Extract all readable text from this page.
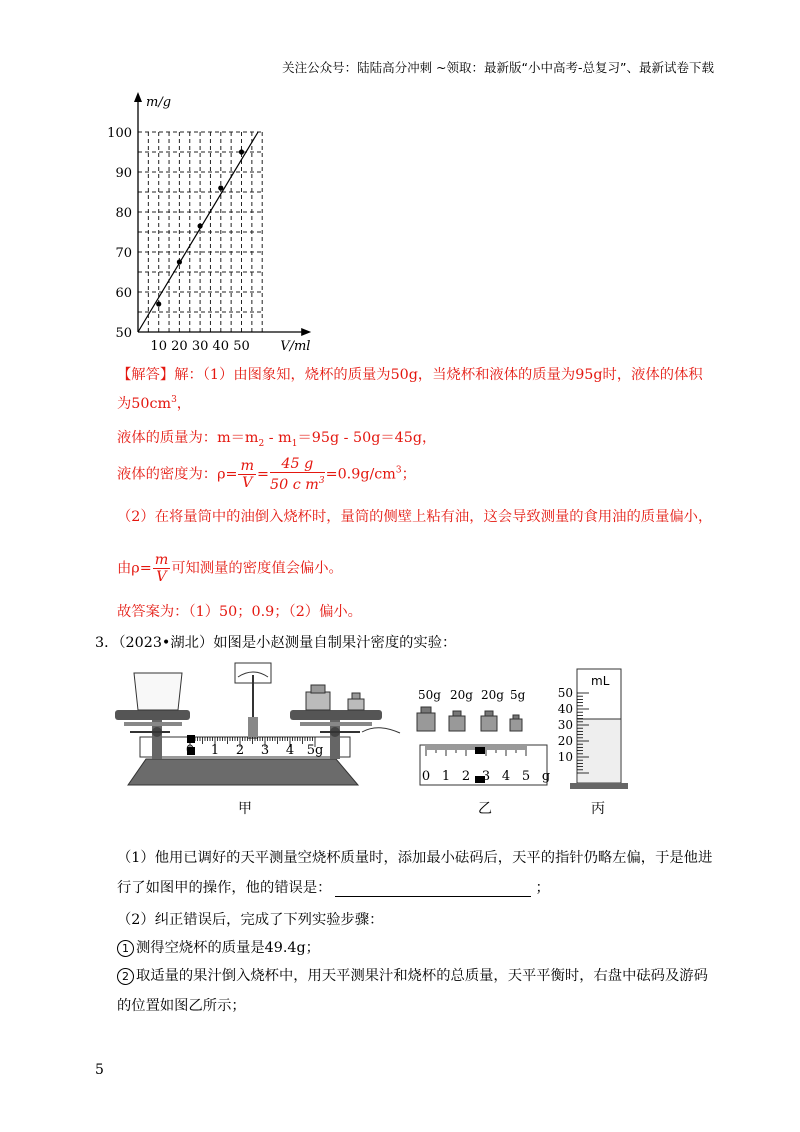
关注公众号：陆陆高分冲刺 ~领取：最新版“小中高考-总复习”、最新试卷下载
m/g
V/ml
50
60
70
80
90
100
10 20 30 40 50
【解答】解：（1）由图象知，烧杯的质量为50g，当烧杯和液体的质量为95g时，液体的体积
为$50cm^3$，
液体的质量为：$m=m_2$ ‐ $m_1=95g$ ‐ 50g＝45g，
液体的密度为：$\rho= \frac{m}{V} = \frac{45 g}{50 c m^3} =0.9g/cm^3$；
（2）在将量筒中的油倒入烧杯时，量筒的侧壁上粘有油，这会导致测量的食用油的质量偏小，
由$\rho= \frac{m}{V}$ 可知测量的密度值会偏小。
故答案为：（1）50；0.9；（2）偏小。
3．（2023•湖北）如图是小赵测量自制果汁密度的实验：
0 1 2 3 4 5g
甲
50g 20g 20g 5g
0 1 2 3 4 5 g
乙
mL
50
40
30
20
10
丙
（1）他用已调好的天平测量空烧杯质量时，添加最小砝码后，天平的指针仍略左偏，于是他进
行了如图甲的操作，他的错误是：	；
（2）纠正错误后，完成了下列实验步骤：
1 测得空烧杯的质量是49.4g；
2 取适量的果汁倒入烧杯中，用天平测果汁和烧杯的总质量，天平平衡时，右盘中砝码及游码
的位置如图乙所示；
5
